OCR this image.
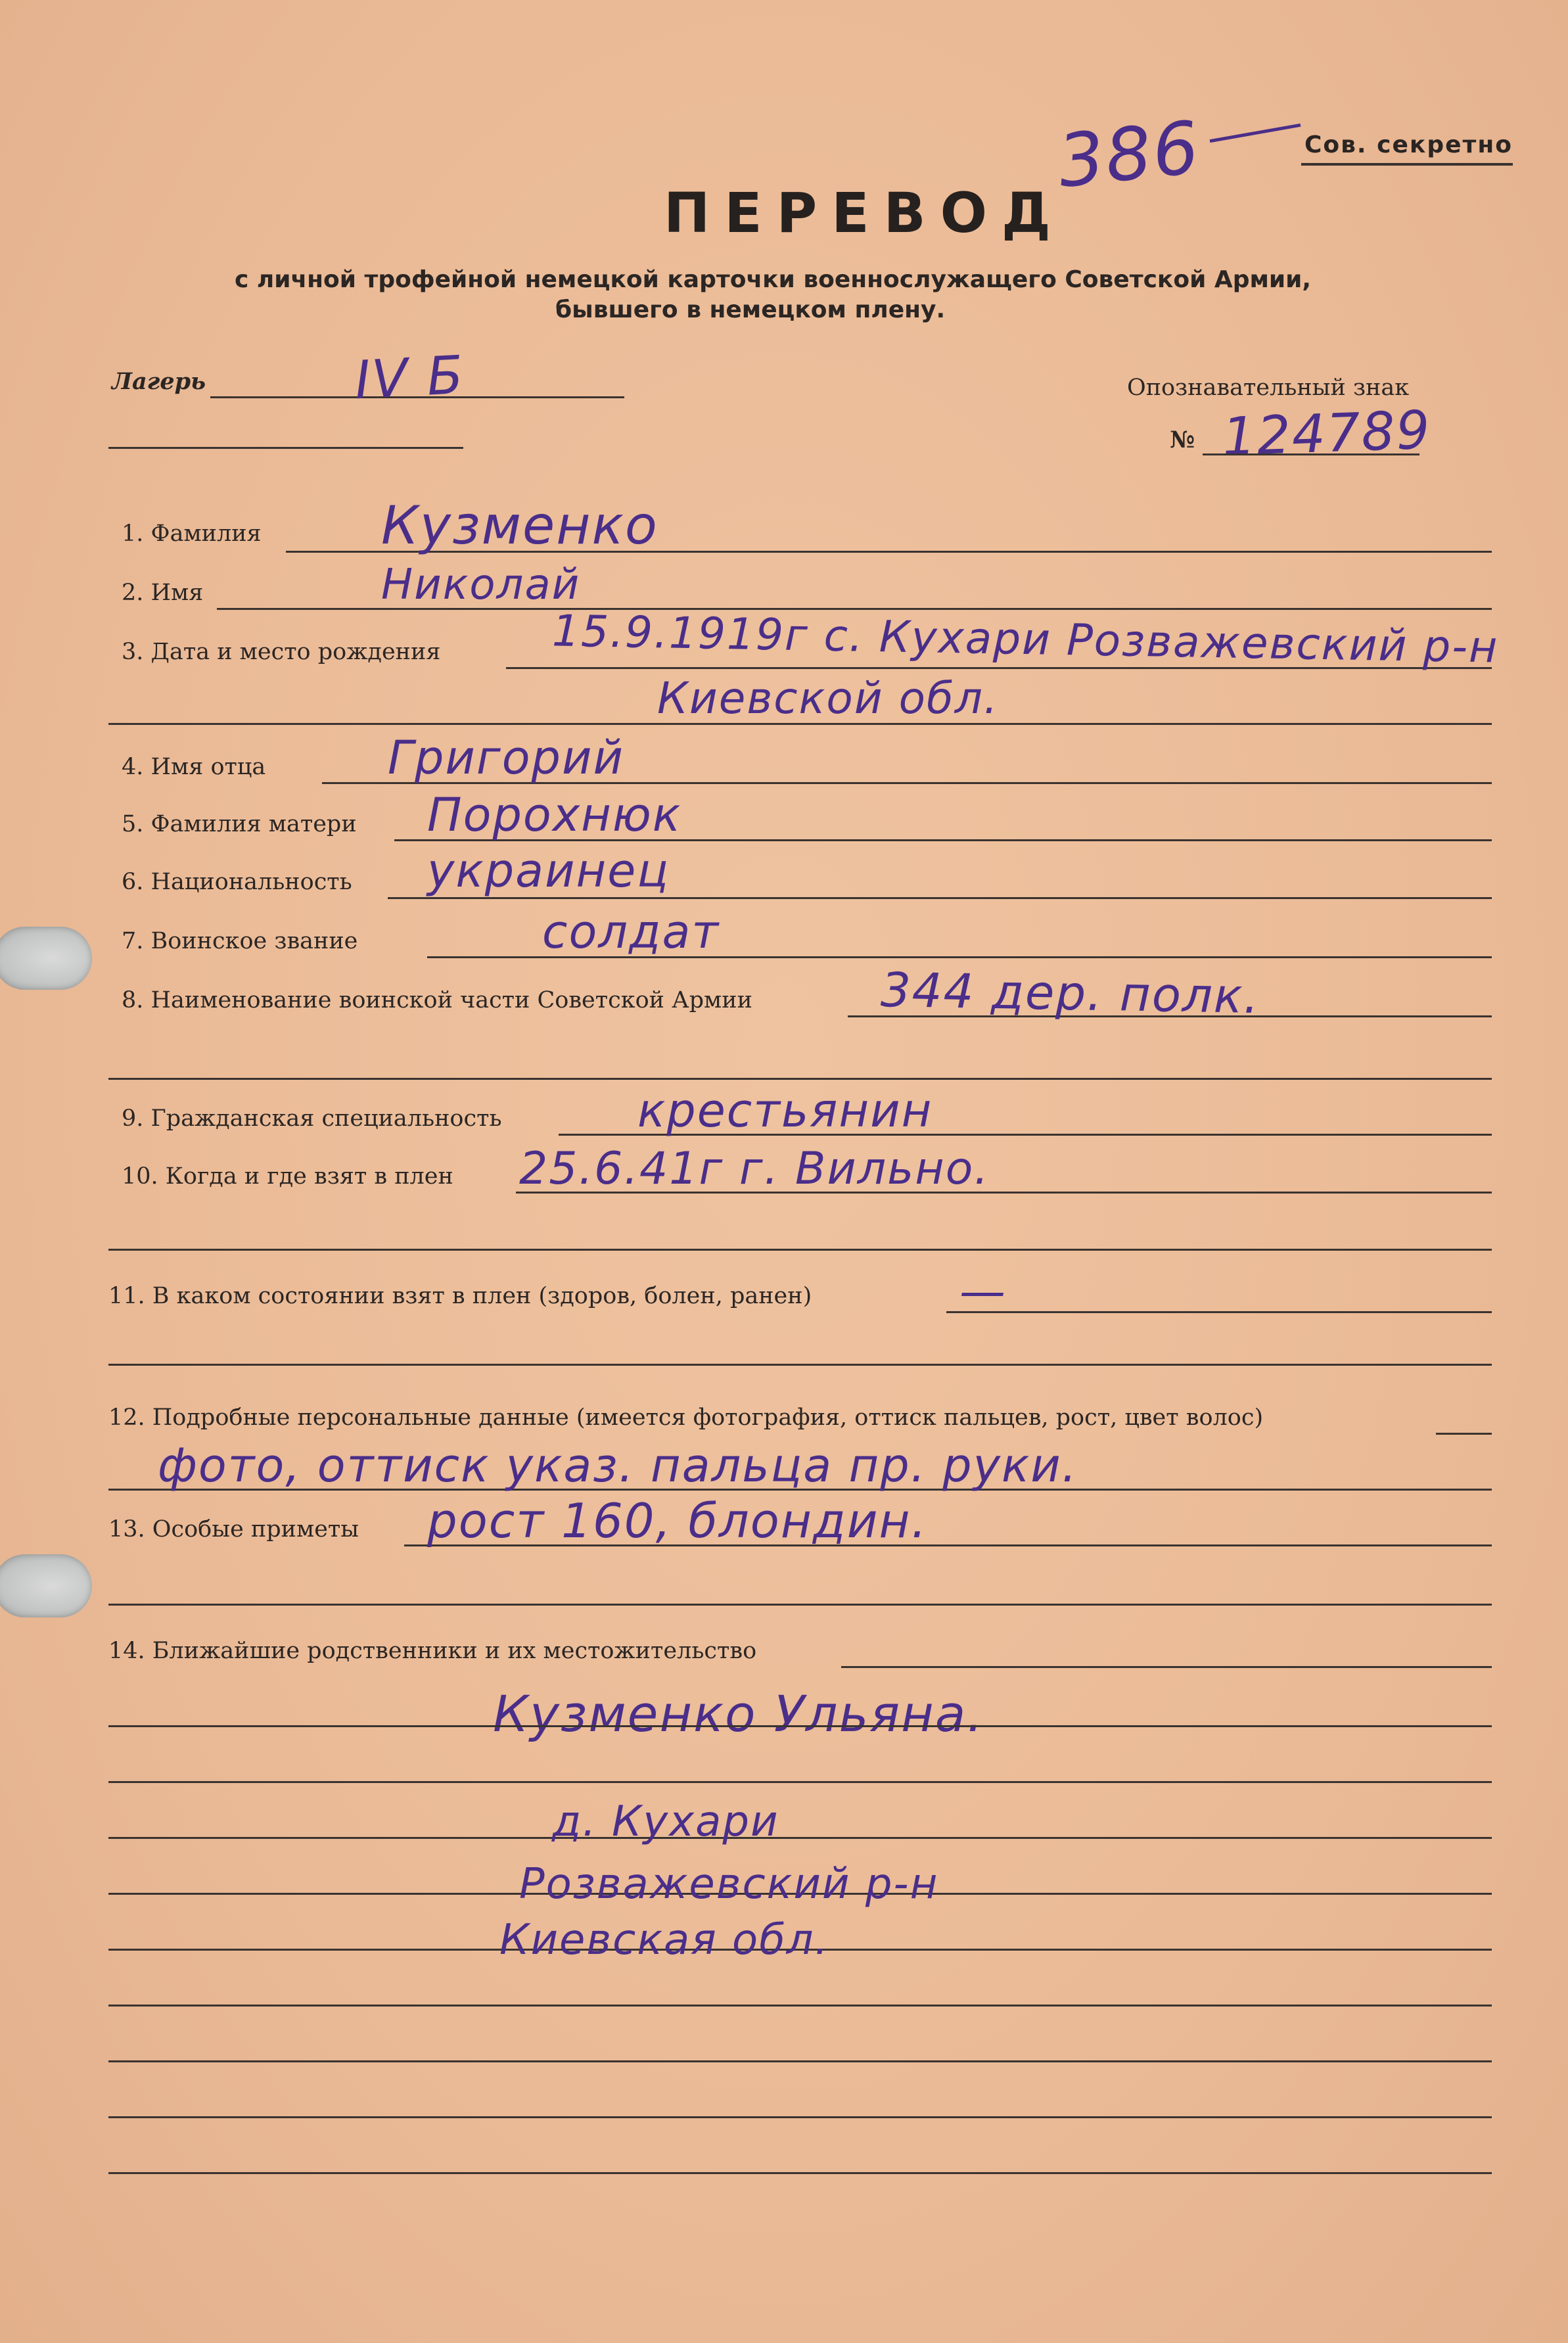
Сов. секретно
386
ПЕРЕВОД
с личной трофейной немецкой карточки военнослужащего Советской Армии,
бывшего в немецком плену.
Лагерь	IV Б	Опознавательный знак
№ 124789
1. Фамилия Кузменко
2. Имя	Николай
3. Дата и место рождения	15.9.1919г с. Кухари Розважевский р-н
Киевской обл.
4. Имя отца	Григорий
5. Фамилия матери Порохнюк
6. Национальность украинец
7. Воинское звание	солдат
8. Наименование воинской части Советской Армии	344 дер. полк.
9. Гражданская специальность	крестьянин
10. Когда и где взят в плен 25.6.41г г. Вильно.
11. В каком состоянии взят в плен (здоров, болен, ранен)	—
12. Подробные персональные данные (имеется фотография, оттиск пальцев, рост, цвет волос)
фото, оттиск указ. пальца пр. руки.
13. Особые приметы рост 160, блондин.
14. Ближайшие родственники и их местожительство
Кузменко Ульяна.
д. Кухари
Розважевский р-н
Киевская обл.
